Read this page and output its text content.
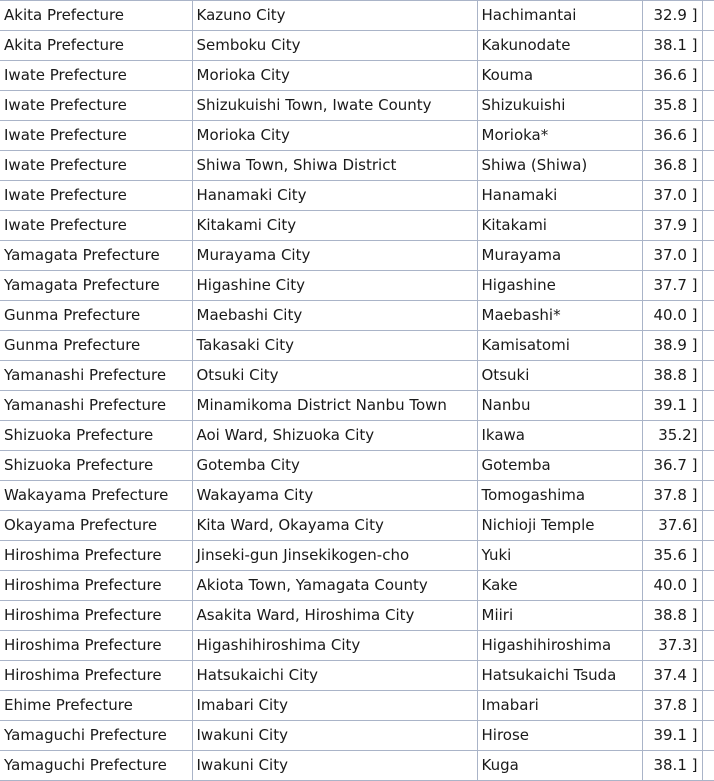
Akita Prefecture	Kazuno City	Hachimantai	32.9 ]	
Akita Prefecture	Semboku City	Kakunodate	38.1 ]	
Iwate Prefecture	Morioka City	Kouma	36.6 ]	
Iwate Prefecture	Shizukuishi Town, Iwate County	Shizukuishi	35.8 ]	
Iwate Prefecture	Morioka City	Morioka*	36.6 ]	
Iwate Prefecture	Shiwa Town, Shiwa District	Shiwa (Shiwa)	36.8 ]	
Iwate Prefecture	Hanamaki City	Hanamaki	37.0 ]	
Iwate Prefecture	Kitakami City	Kitakami	37.9 ]	
Yamagata Prefecture	Murayama City	Murayama	37.0 ]	
Yamagata Prefecture	Higashine City	Higashine	37.7 ]	
Gunma Prefecture	Maebashi City	Maebashi*	40.0 ]	
Gunma Prefecture	Takasaki City	Kamisatomi	38.9 ]	
Yamanashi Prefecture	Otsuki City	Otsuki	38.8 ]	
Yamanashi Prefecture	Minamikoma District Nanbu Town	Nanbu	39.1 ]	
Shizuoka Prefecture	Aoi Ward, Shizuoka City	Ikawa	35.2]	
Shizuoka Prefecture	Gotemba City	Gotemba	36.7 ]	
Wakayama Prefecture	Wakayama City	Tomogashima	37.8 ]	
Okayama Prefecture	Kita Ward, Okayama City	Nichioji Temple	37.6]	
Hiroshima Prefecture	Jinseki-gun Jinsekikogen-cho	Yuki	35.6 ]	
Hiroshima Prefecture	Akiota Town, Yamagata County	Kake	40.0 ]	
Hiroshima Prefecture	Asakita Ward, Hiroshima City	Miiri	38.8 ]	
Hiroshima Prefecture	Higashihiroshima City	Higashihiroshima	37.3]	
Hiroshima Prefecture	Hatsukaichi City	Hatsukaichi Tsuda	37.4 ]	
Ehime Prefecture	Imabari City	Imabari	37.8 ]	
Yamaguchi Prefecture	Iwakuni City	Hirose	39.1 ]	
Yamaguchi Prefecture	Iwakuni City	Kuga	38.1 ]	
